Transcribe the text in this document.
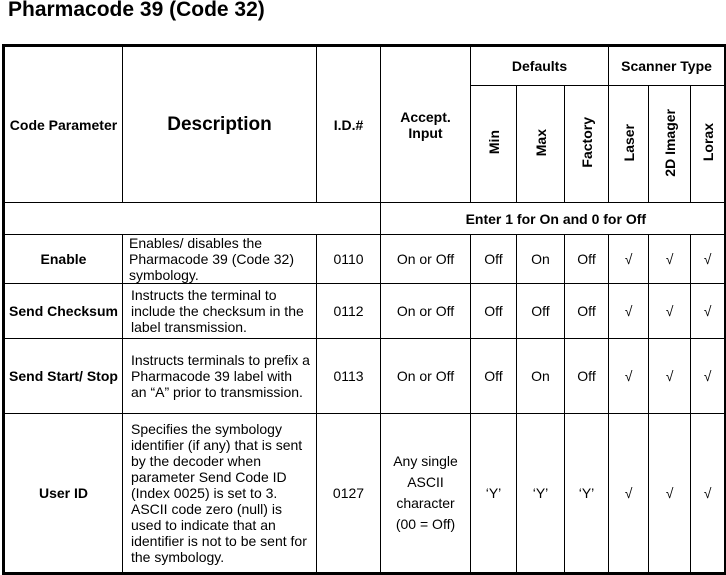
Pharmacode 39 (Code 32)
Code Parameter	Description	I.D.#	Accept. Input	Defaults			Scanner Type		
				Min	Max	Factory	Laser	2D Imager	Lorax
			Enter 1 for On and 0 for Off						
Enable	Enables/ disables the Pharmacode 39 (Code 32) symbology.	0110	On or Off	Off	On	Off	√	√	√
Send Checksum	Instructs the terminal to include the checksum in the label transmission.	0112	On or Off	Off	Off	Off	√	√	√
Send Start/ Stop	Instructs terminals to prefix a Pharmacode 39 label with an “A” prior to transmission.	0113	On or Off	Off	On	Off	√	√	√
User ID	Specifies the symbology identifier (if any) that is sent by the decoder when parameter Send Code ID (Index 0025) is set to 3. ASCII code zero (null) is used to indicate that an identifier is not to be sent for the symbology.	0127	Any single ASCII character (00 = Off)	‘Y’	‘Y’	‘Y’	√	√	√
